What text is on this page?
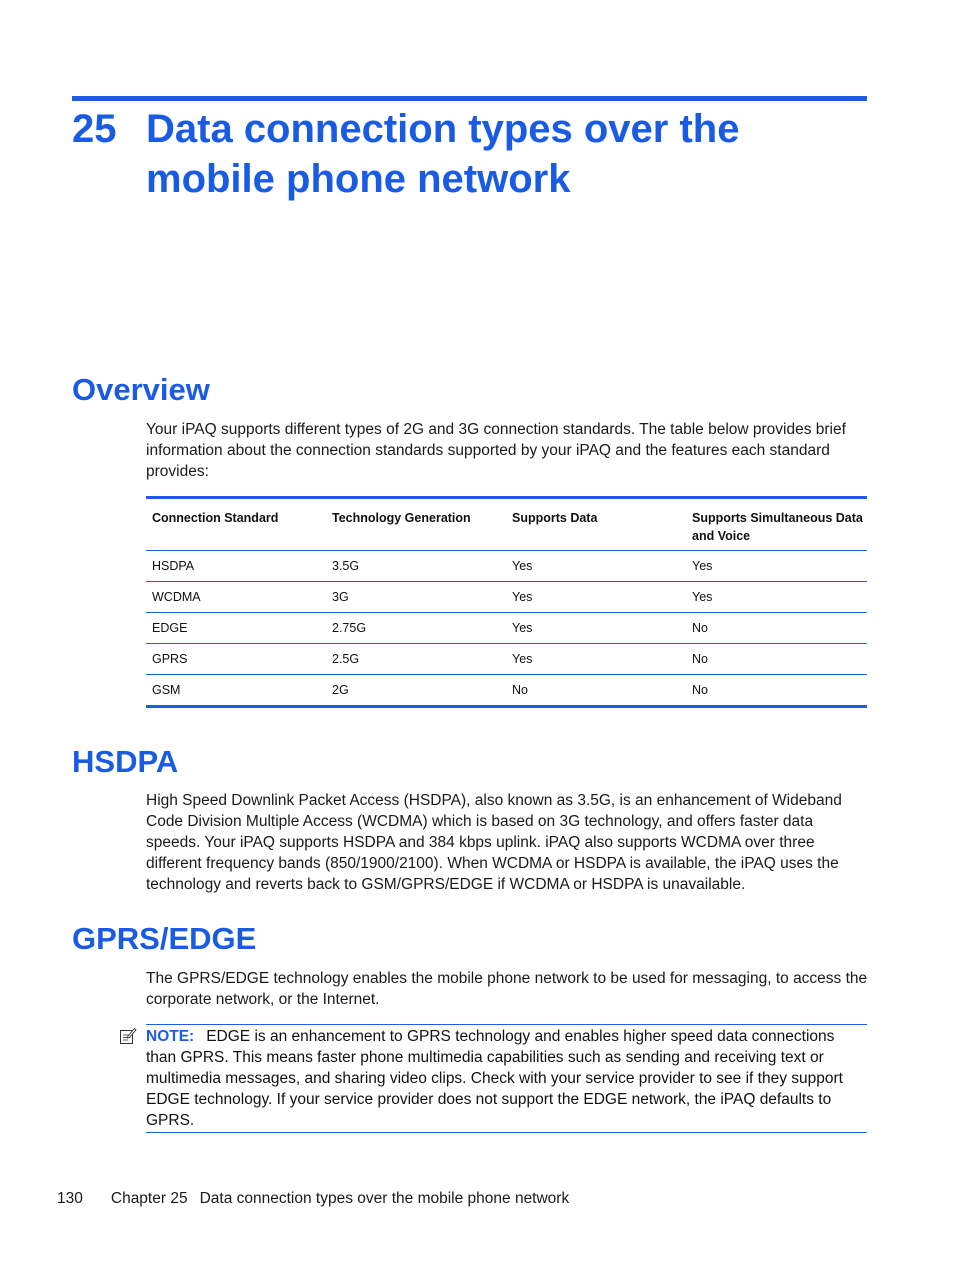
25 Data connection types over the mobile phone network
Overview

Your iPAQ supports different types of 2G and 3G connection standards. The table below provides brief information about the connection standards supported by your iPAQ and the features each standard provides:

Connection Standard	Technology Generation	Supports Data	Supports Simultaneous Data and Voice
HSDPA	3.5G	Yes	Yes
WCDMA	3G	Yes	Yes
EDGE	2.75G	Yes	No
GPRS	2.5G	Yes	No
GSM	2G	No	No
HSDPA

High Speed Downlink Packet Access (HSDPA), also known as 3.5G, is an enhancement of Wideband Code Division Multiple Access (WCDMA) which is based on 3G technology, and offers faster data speeds. Your iPAQ supports HSDPA and 384 kbps uplink. iPAQ also supports WCDMA over three different frequency bands (850/1900/2100). When WCDMA or HSDPA is available, the iPAQ uses the technology and reverts back to GSM/GPRS/EDGE if WCDMA or HSDPA is unavailable.

GPRS/EDGE

The GPRS/EDGE technology enables the mobile phone network to be used for messaging, to access the corporate network, or the Internet.

NOTE: EDGE is an enhancement to GPRS technology and enables higher speed data connections than GPRS. This means faster phone multimedia capabilities such as sending and receiving text or multimedia messages, and sharing video clips. Check with your service provider to see if they support EDGE technology. If your service provider does not support the EDGE network, the iPAQ defaults to GPRS.
130 Chapter 25 Data connection types over the mobile phone network
